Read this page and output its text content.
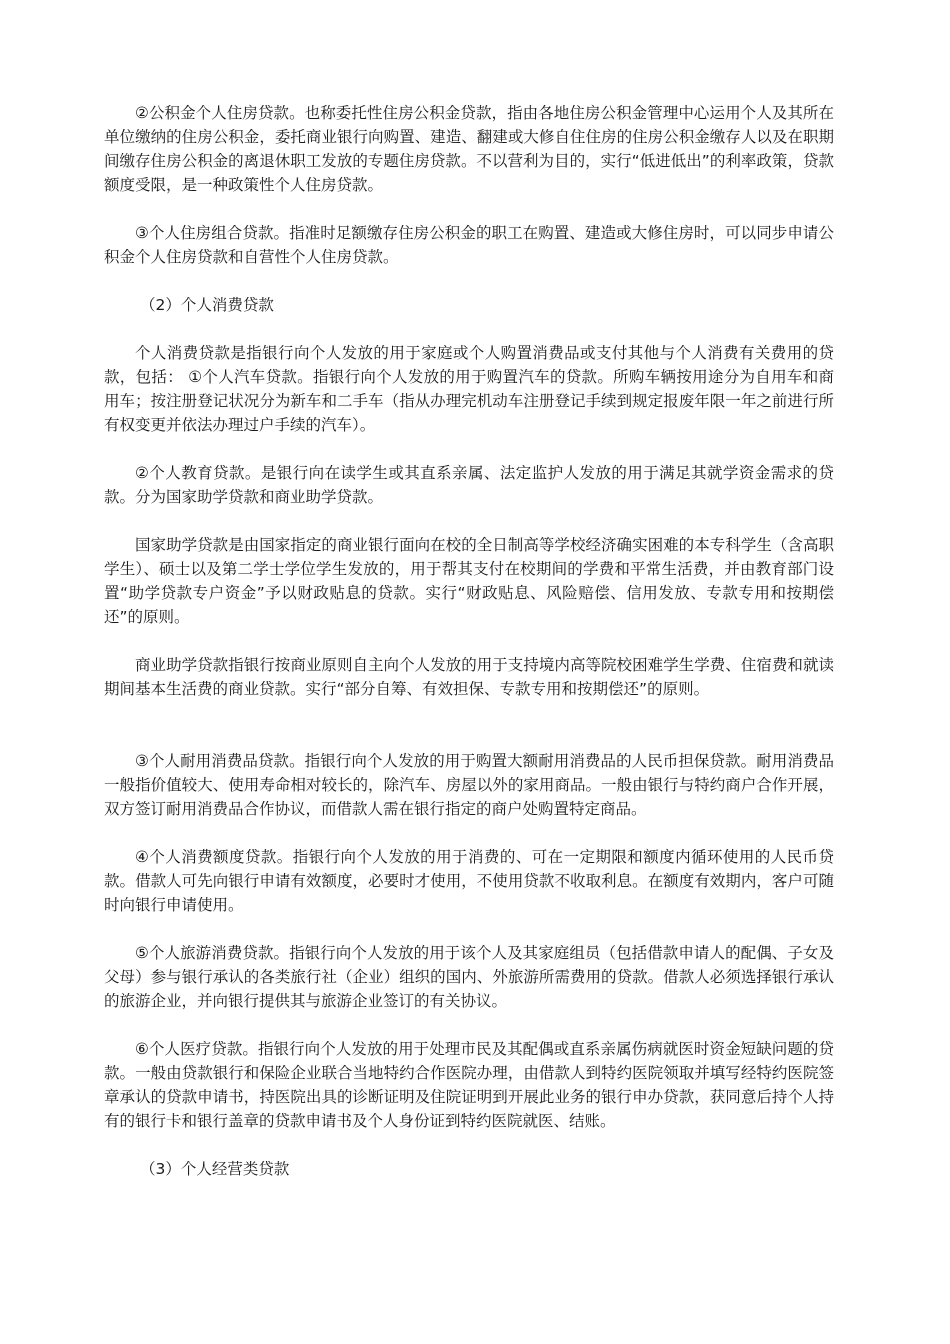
②公积金个人住房贷款。也称委托性住房公积金贷款，指由各地住房公积金管理中心运用个人及其所在单位缴纳的住房公积金，委托商业银行向购置、建造、翻建或大修自住住房的住房公积金缴存人以及在职期间缴存住房公积金的离退休职工发放的专题住房贷款。不以营利为目的，实行“低进低出”的利率政策，贷款额度受限，是一种政策性个人住房贷款。

③个人住房组合贷款。指准时足额缴存住房公积金的职工在购置、建造或大修住房时，可以同步申请公积金个人住房贷款和自营性个人住房贷款。

（2）个人消费贷款

个人消费贷款是指银行向个人发放的用于家庭或个人购置消费品或支付其他与个人消费有关费用的贷款，包括： ①个人汽车贷款。指银行向个人发放的用于购置汽车的贷款。所购车辆按用途分为自用车和商用车；按注册登记状况分为新车和二手车（指从办理完机动车注册登记手续到规定报废年限一年之前进行所有权变更并依法办理过户手续的汽车）。

②个人教育贷款。是银行向在读学生或其直系亲属、法定监护人发放的用于满足其就学资金需求的贷款。分为国家助学贷款和商业助学贷款。

国家助学贷款是由国家指定的商业银行面向在校的全日制高等学校经济确实困难的本专科学生（含高职学生）、硕士以及第二学士学位学生发放的，用于帮其支付在校期间的学费和平常生活费，并由教育部门设置“助学贷款专户资金”予以财政贴息的贷款。实行“财政贴息、风险赔偿、信用发放、专款专用和按期偿还”的原则。

商业助学贷款指银行按商业原则自主向个人发放的用于支持境内高等院校困难学生学费、住宿费和就读期间基本生活费的商业贷款。实行“部分自筹、有效担保、专款专用和按期偿还”的原则。

③个人耐用消费品贷款。指银行向个人发放的用于购置大额耐用消费品的人民币担保贷款。耐用消费品一般指价值较大、使用寿命相对较长的，除汽车、房屋以外的家用商品。一般由银行与特约商户合作开展，双方签订耐用消费品合作协议，而借款人需在银行指定的商户处购置特定商品。

④个人消费额度贷款。指银行向个人发放的用于消费的、可在一定期限和额度内循环使用的人民币贷款。借款人可先向银行申请有效额度，必要时才使用，不使用贷款不收取利息。在额度有效期内，客户可随时向银行申请使用。

⑤个人旅游消费贷款。指银行向个人发放的用于该个人及其家庭组员（包括借款申请人的配偶、子女及父母）参与银行承认的各类旅行社（企业）组织的国内、外旅游所需费用的贷款。借款人必须选择银行承认的旅游企业，并向银行提供其与旅游企业签订的有关协议。

⑥个人医疗贷款。指银行向个人发放的用于处理市民及其配偶或直系亲属伤病就医时资金短缺问题的贷款。一般由贷款银行和保险企业联合当地特约合作医院办理，由借款人到特约医院领取并填写经特约医院签章承认的贷款申请书，持医院出具的诊断证明及住院证明到开展此业务的银行申办贷款，获同意后持个人持有的银行卡和银行盖章的贷款申请书及个人身份证到特约医院就医、结账。

（3）个人经营类贷款
